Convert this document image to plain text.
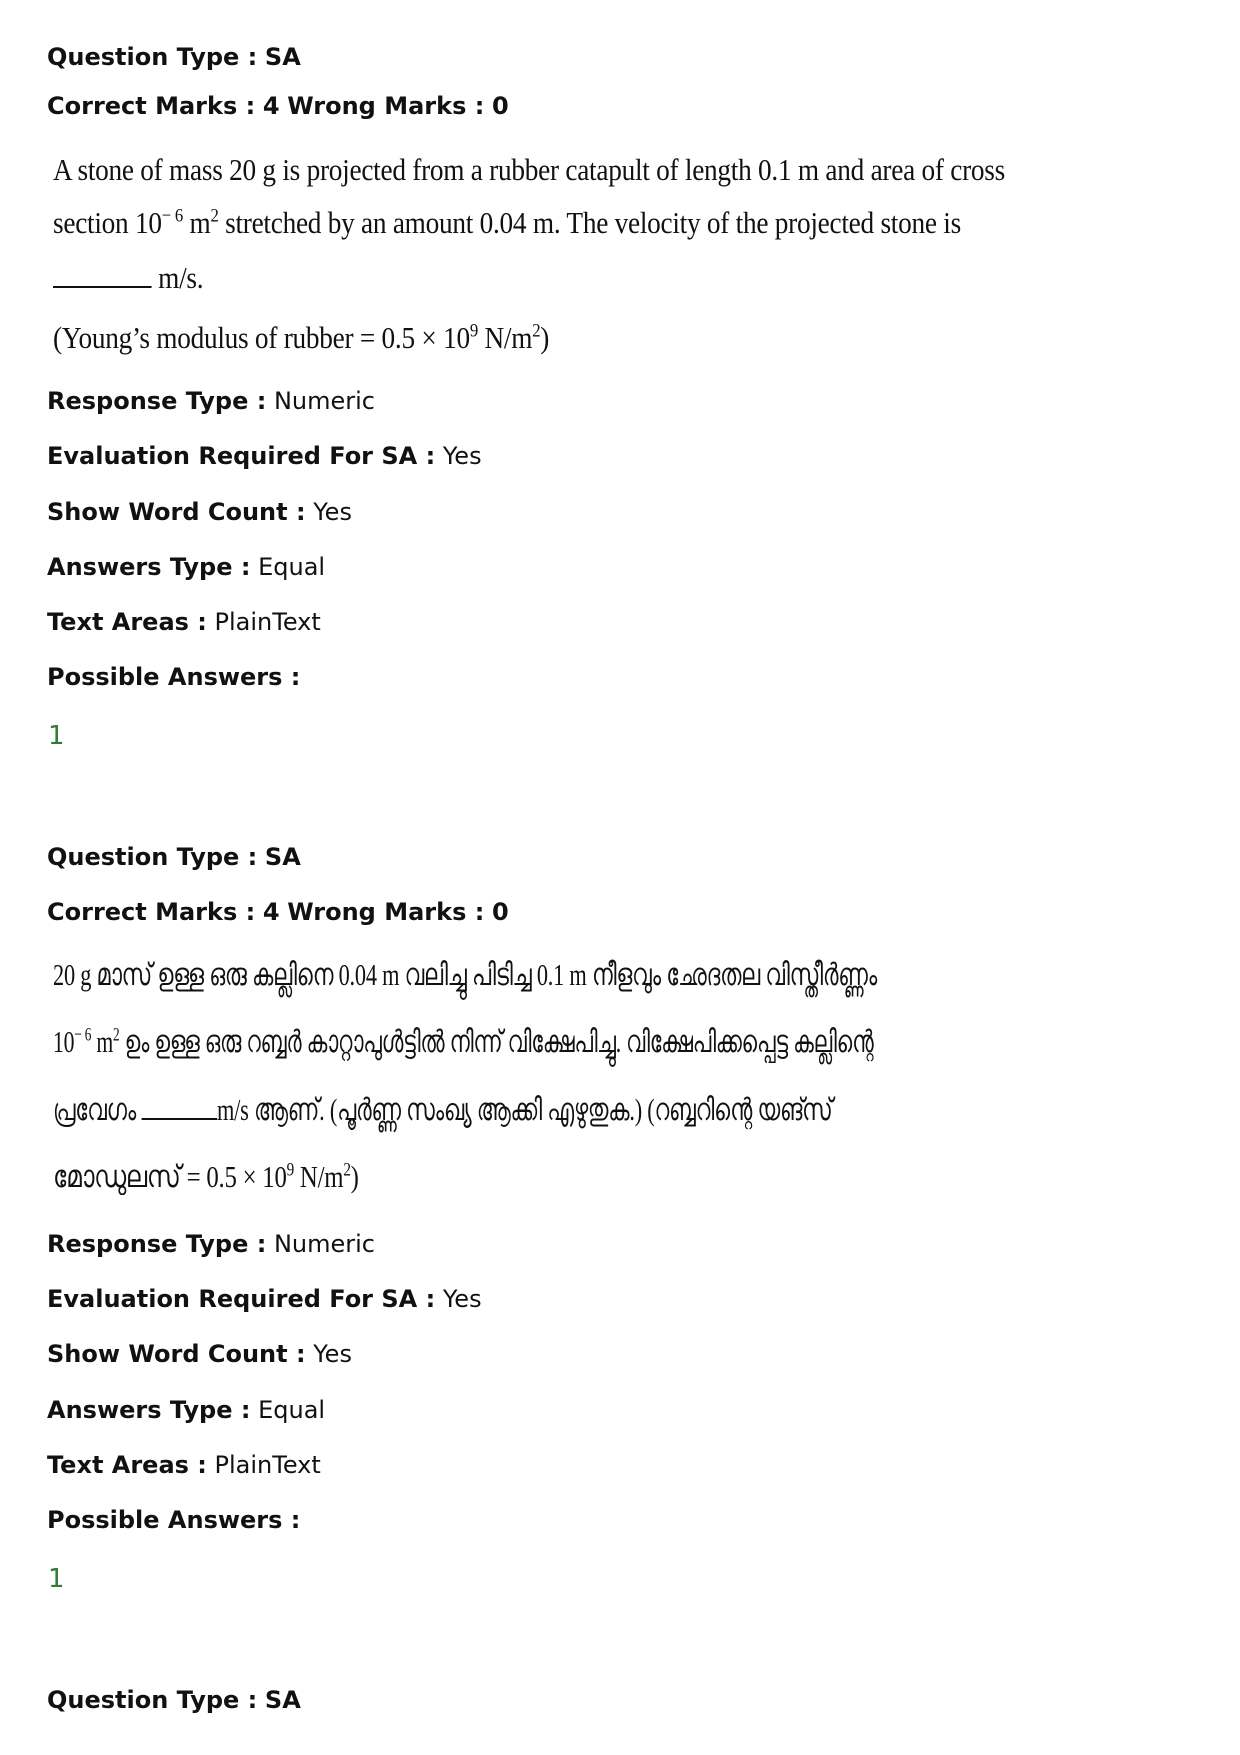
Question Type : SA
Correct Marks : 4 Wrong Marks : 0
A stone of mass 20 g is projected from a rubber catapult of length 0.1 m and area of cross
section $10^{- 6}$ $m^2$ stretched by an amount 0.04 m. The velocity of the projected stone is
m/s.
(Young’s modulus of rubber = $0.5 \times 10^9$ $N/m^2$)
Response Type : Numeric
Evaluation Required For SA : Yes
Show Word Count : Yes
Answers Type : Equal
Text Areas : PlainText
Possible Answers :
1
Question Type : SA
Correct Marks : 4 Wrong Marks : 0
20 g മാസ് ഉള്ള ഒരു കല്ലിനെ 0.04 m വലിച്ചു പിടിച്ച 0.1 m നീളവും ഛേദതല വിസ്തീർണ്ണം
$10^{- 6}$ $m^2$ ഉം ഉള്ള ഒരു റബ്ബർ കാറ്റാപുൾട്ടിൽ നിന്ന് വിക്ഷേപിച്ചു. വിക്ഷേപിക്കപ്പെട്ട കല്ലിന്റെ
പ്രവേഗം m/s ആണ്. (പൂർണ്ണ സംഖ്യ ആക്കി എഴുതുക.) (റബ്ബറിന്റെ യങ്സ്
മോഡുലസ് = $0.5 \times 10^9$ $N/m^2$)
Response Type : Numeric
Evaluation Required For SA : Yes
Show Word Count : Yes
Answers Type : Equal
Text Areas : PlainText
Possible Answers :
1
Question Type : SA
